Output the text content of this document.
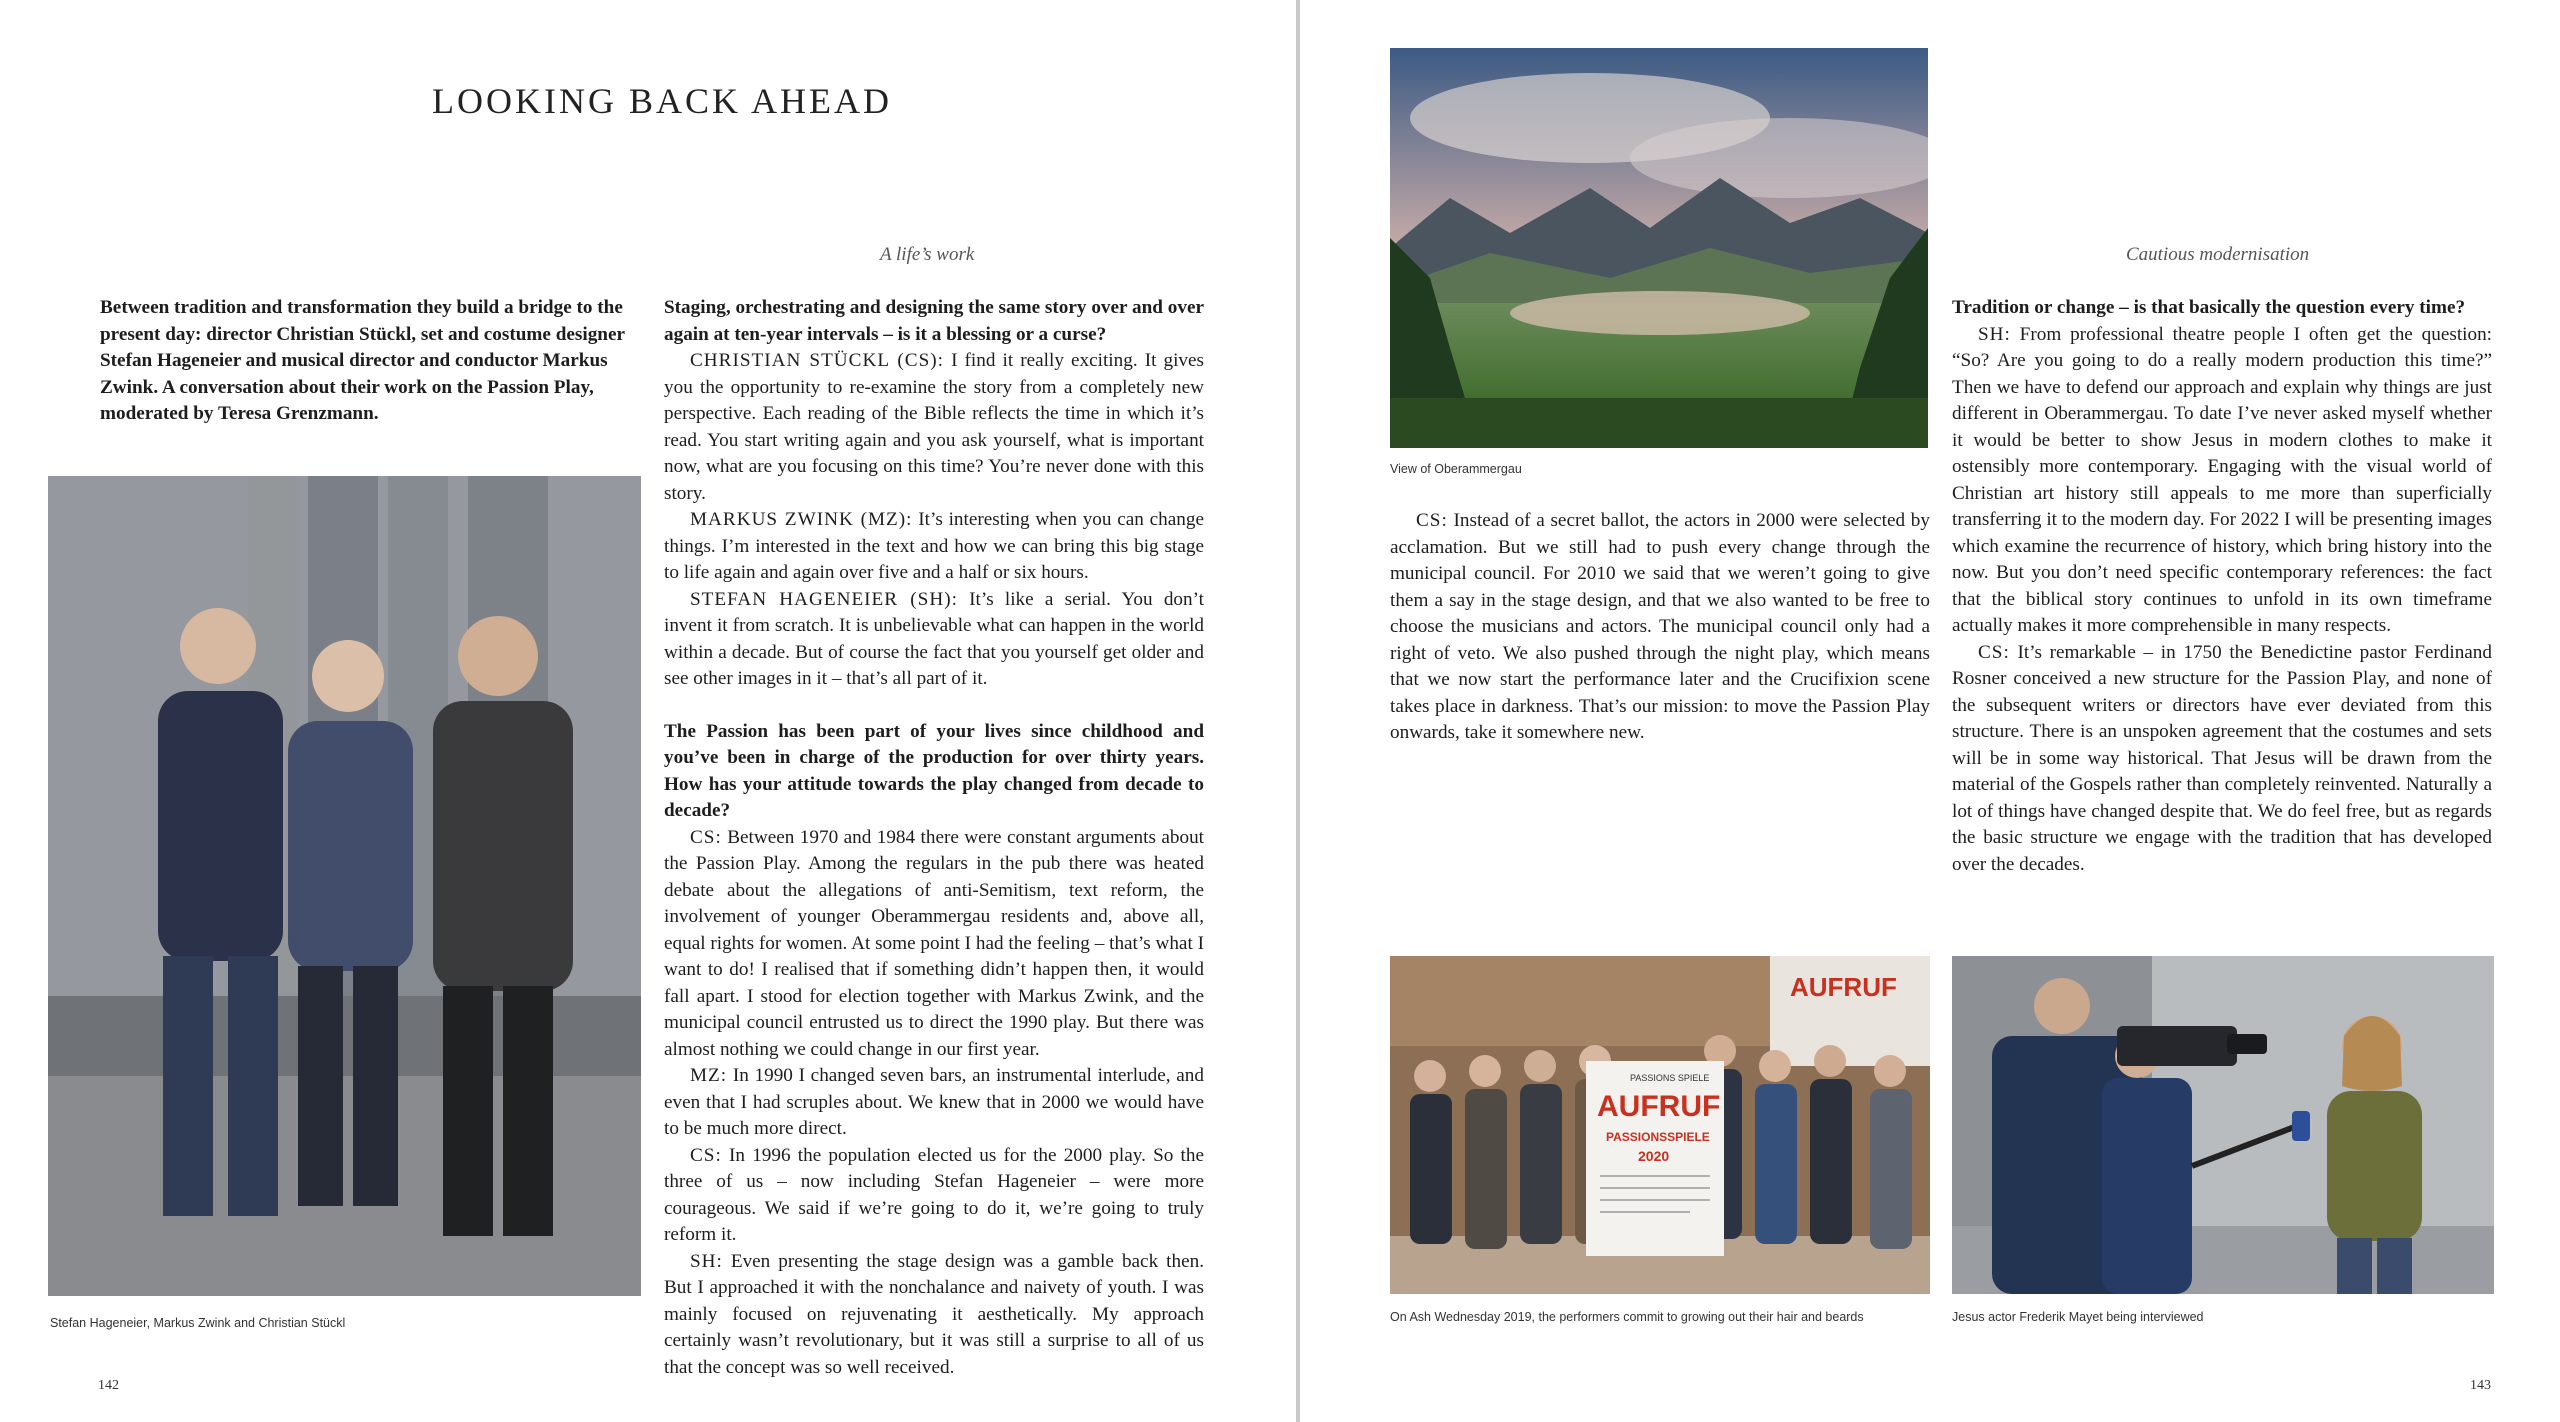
LOOKING BACK AHEAD
A life’s work
Between tradition and transformation they build a bridge to the present day: director Christian Stückl, set and costume designer Stefan Hageneier and musical director and conductor Markus Zwink. A conversation about their work on the Passion Play, moderated by Teresa Grenzmann.
Stefan Hageneier, Markus Zwink and Christian Stückl

Staging, orchestrating and designing the same story over and over again at ten-year intervals – is it a blessing or a curse?

CHRISTIAN STÜCKL (CS): I find it really exciting. It gives you the opportunity to re-examine the story from a completely new perspective. Each reading of the Bible reflects the time in which it’s read. You start writing again and you ask yourself, what is important now, what are you focusing on this time? You’re never done with this story.

MARKUS ZWINK (MZ): It’s interesting when you can change things. I’m interested in the text and how we can bring this big stage to life again and again over five and a half or six hours.

STEFAN HAGENEIER (SH): It’s like a serial. You don’t invent it from scratch. It is unbelievable what can happen in the world within a decade. But of course the fact that you yourself get older and see other images in it – that’s all part of it.

The Passion has been part of your lives since childhood and you’ve been in charge of the production for over thirty years. How has your attitude towards the play changed from decade to decade?

CS: Between 1970 and 1984 there were constant arguments about the Passion Play. Among the regulars in the pub there was heated debate about the allegations of anti-Semitism, text reform, the involvement of younger Oberammergau residents and, above all, equal rights for women. At some point I had the feeling – that’s what I want to do! I realised that if something didn’t happen then, it would fall apart. I stood for election together with Markus Zwink, and the municipal council entrusted us to direct the 1990 play. But there was almost nothing we could change in our first year.

MZ: In 1990 I changed seven bars, an instrumental interlude, and even that I had scruples about. We knew that in 2000 we would have to be much more direct.

CS: In 1996 the population elected us for the 2000 play. So the three of us – now including Stefan Hageneier – were more courageous. We said if we’re going to do it, we’re going to truly reform it.

SH: Even presenting the stage design was a gamble back then. But I approached it with the nonchalance and naivety of youth. I was mainly focused on rejuvenating it aesthetically. My approach certainly wasn’t revolutionary, but it was still a surprise to all of us that the concept was so well received.

142
View of Oberammergau

CS: Instead of a secret ballot, the actors in 2000 were selected by acclamation. But we still had to push every change through the municipal council. For 2010 we said that we weren’t going to give them a say in the stage design, and that we also wanted to be free to choose the musicians and actors. The municipal council only had a right of veto. We also pushed through the night play, which means that we now start the performance later and the Crucifixion scene takes place in darkness. That’s our mission: to move the Passion Play onwards, take it somewhere new.

Cautious modernisation

Tradition or change – is that basically the question every time?

SH: From professional theatre people I often get the question: “So? Are you going to do a really modern production this time?” Then we have to defend our approach and explain why things are just different in Oberammergau. To date I’ve never asked myself whether it would be better to show Jesus in modern clothes to make it ostensibly more contemporary. Engaging with the visual world of Christian art history still appeals to me more than superficially transferring it to the modern day. For 2022 I will be presenting images which examine the recurrence of history, which bring history into the now. But you don’t need specific contemporary references: the fact that the biblical story continues to unfold in its own timeframe actually makes it more comprehensible in many respects.

CS: It’s remarkable – in 1750 the Benedictine pastor Ferdinand Rosner conceived a new structure for the Passion Play, and none of the subsequent writers or directors have ever deviated from this structure. There is an unspoken agreement that the costumes and sets will be in some way historical. That Jesus will be drawn from the material of the Gospels rather than completely reinvented. Naturally a lot of things have changed despite that. We do feel free, but as regards the basic structure we engage with the tradition that has developed over the decades.

AUFRUF
PASSIONS SPIELE
AUFRUF
PASSIONSSPIELE
2020
On Ash Wednesday 2019, the performers commit to growing out their hair and beards	Jesus actor Frederik Mayet being interviewed
143
